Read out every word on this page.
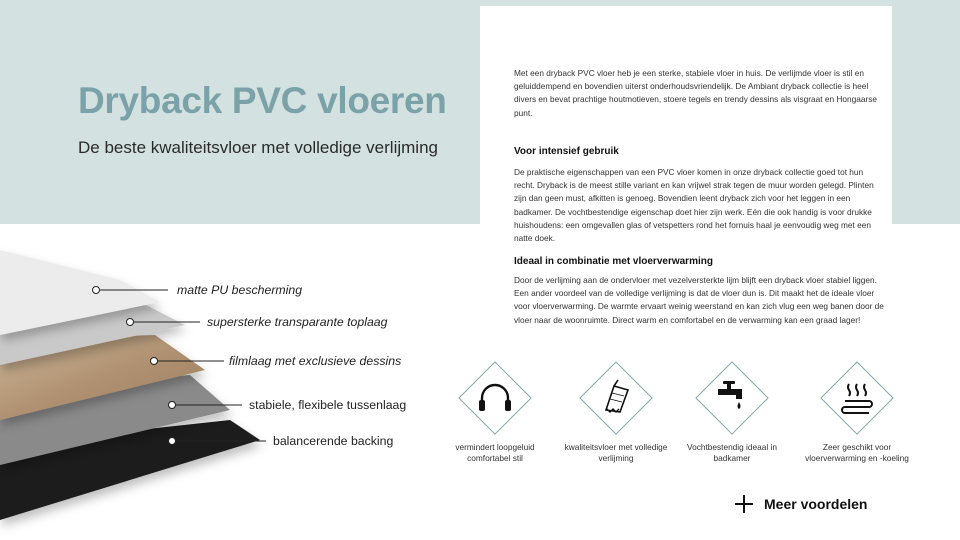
Dryback PVC vloeren

De beste kwaliteitsvloer met volledige verlijming

Met een dryback PVC vloer heb je een sterke, stabiele vloer in huis. De verlijmde vloer is stil en geluiddempend en bovendien uiterst onderhoudsvriendelijk. De Ambiant dryback collectie is heel divers en bevat prachtige houtmotieven, stoere tegels en trendy dessins als visgraat en Hongaarse punt.

Voor intensief gebruik

De praktische eigenschappen van een PVC vloer komen in onze dryback collectie goed tot hun recht. Dryback is de meest stille variant en kan vrijwel strak tegen de muur worden gelegd. Plinten zijn dan geen must, afkitten is genoeg. Bovendien leent dryback zich voor het leggen in een badkamer. De vochtbestendige eigenschap doet hier zijn werk. Eén die ook handig is voor drukke huishoudens: een omgevallen glas of vetspetters rond het fornuis haal je eenvoudig weg met een natte doek.

Ideaal in combinatie met vloerverwarming

Door de verlijming aan de ondervloer met vezelversterkte lijm blijft een dryback vloer stabiel liggen. Een ander voordeel van de volledige verlijming is dat de vloer dun is. Dit maakt het de ideale vloer voor vloerverwarming. De warmte ervaart weinig weerstand en kan zich vlug een weg banen door de vloer naar de woonruimte. Direct warm en comfortabel en de verwarming kan een graad lager!

matte PU bescherming
supersterke transparante toplaag
filmlaag met exclusieve dessins
stabiele, flexibele tussenlaag
balancerende backing	vermindert loopgeluid comfortabel stil
kwaliteitsvloer met volledige verlijming
Vochtbestendig ideaal in badkamer
Zeer geschikt voor vloerverwarming en -koeling
Meer voordelen
